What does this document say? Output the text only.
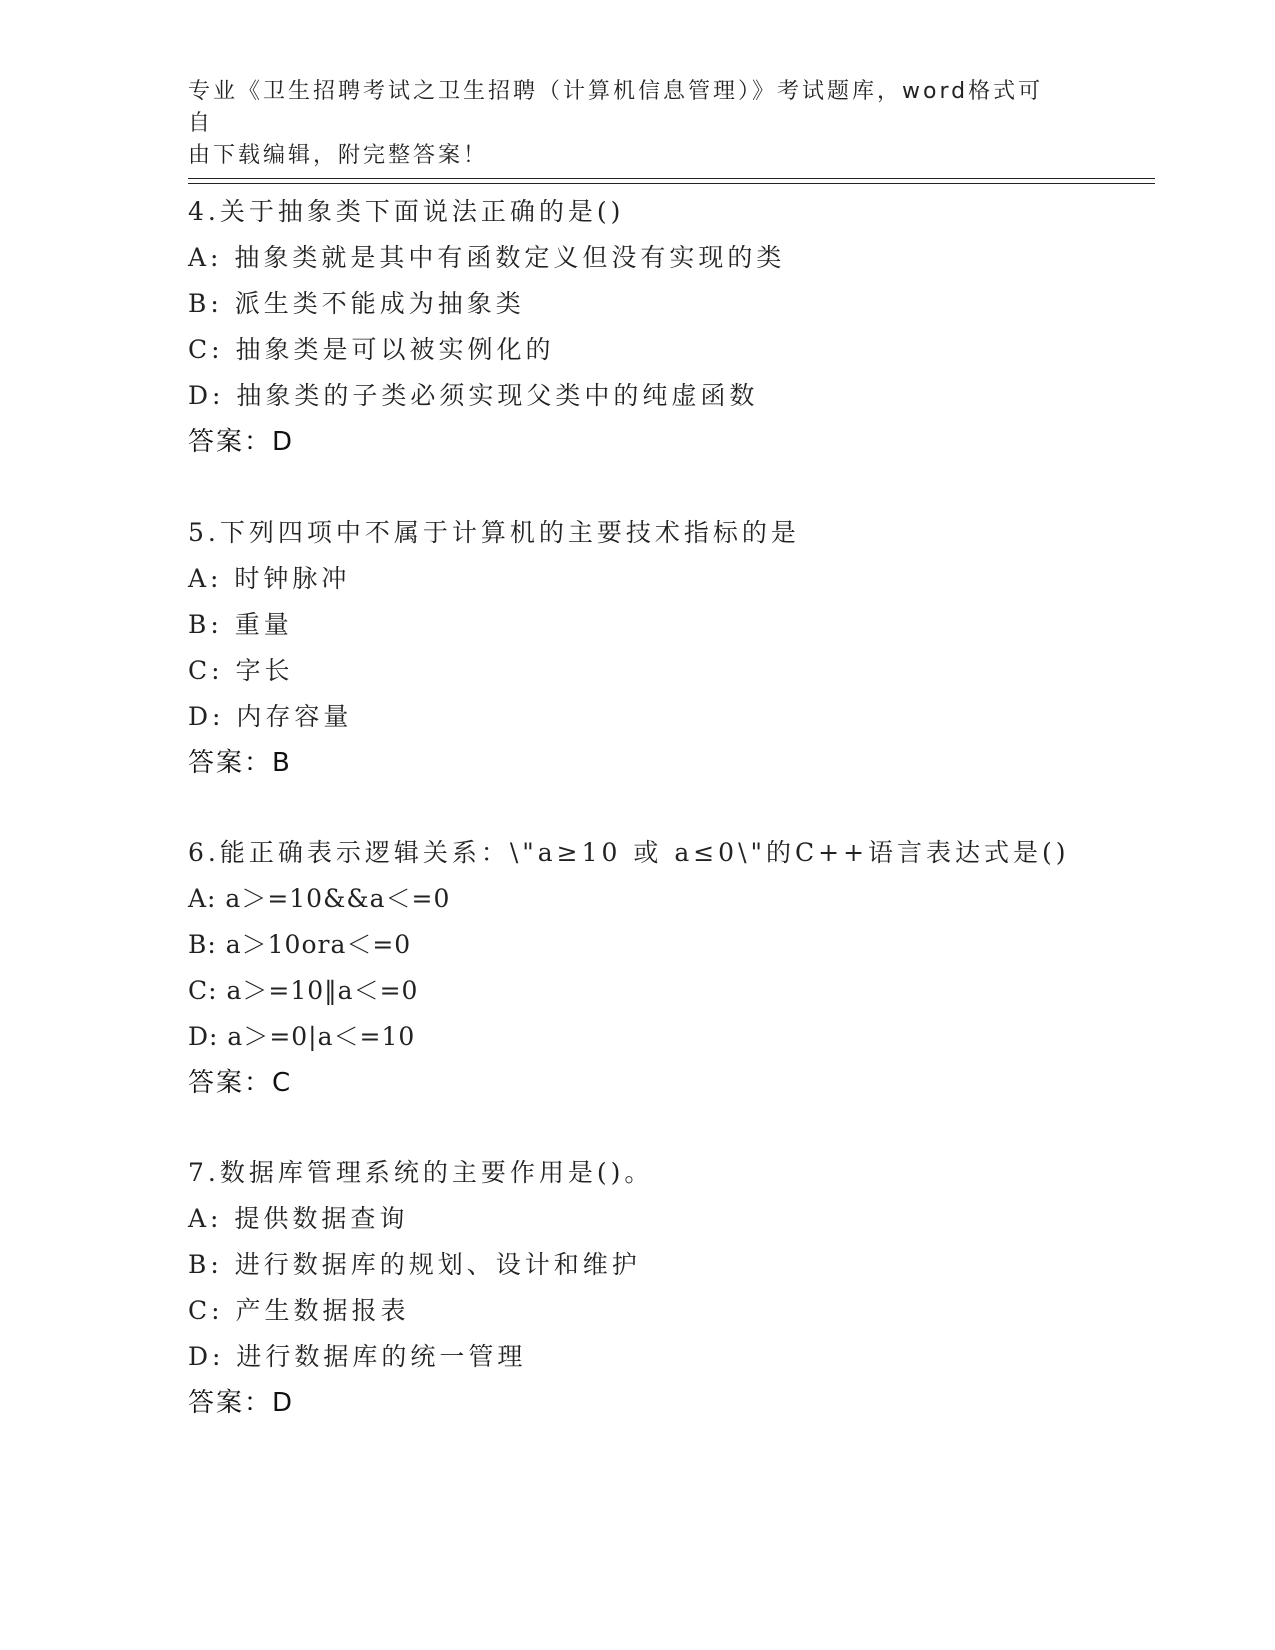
专业《卫生招聘考试之卫生招聘（计算机信息管理）》考试题库，word格式可自
由下载编辑，附完整答案！
4.关于抽象类下面说法正确的是()
A: 抽象类就是其中有函数定义但没有实现的类
B: 派生类不能成为抽象类
C: 抽象类是可以被实例化的
D: 抽象类的子类必须实现父类中的纯虚函数
答案：D
5.下列四项中不属于计算机的主要技术指标的是
A: 时钟脉冲
B: 重量
C: 字长
D: 内存容量
答案：B
6.能正确表示逻辑关系：\"a≥10 或 a≤0\"的C++语言表达式是()
A: a＞=10&&a＜=0
B: a＞10ora＜=0
C: a＞=10‖a＜=0
D: a＞=0|a＜=10
答案：C
7.数据库管理系统的主要作用是()。
A: 提供数据查询
B: 进行数据库的规划、设计和维护
C: 产生数据报表
D: 进行数据库的统一管理
答案：D
